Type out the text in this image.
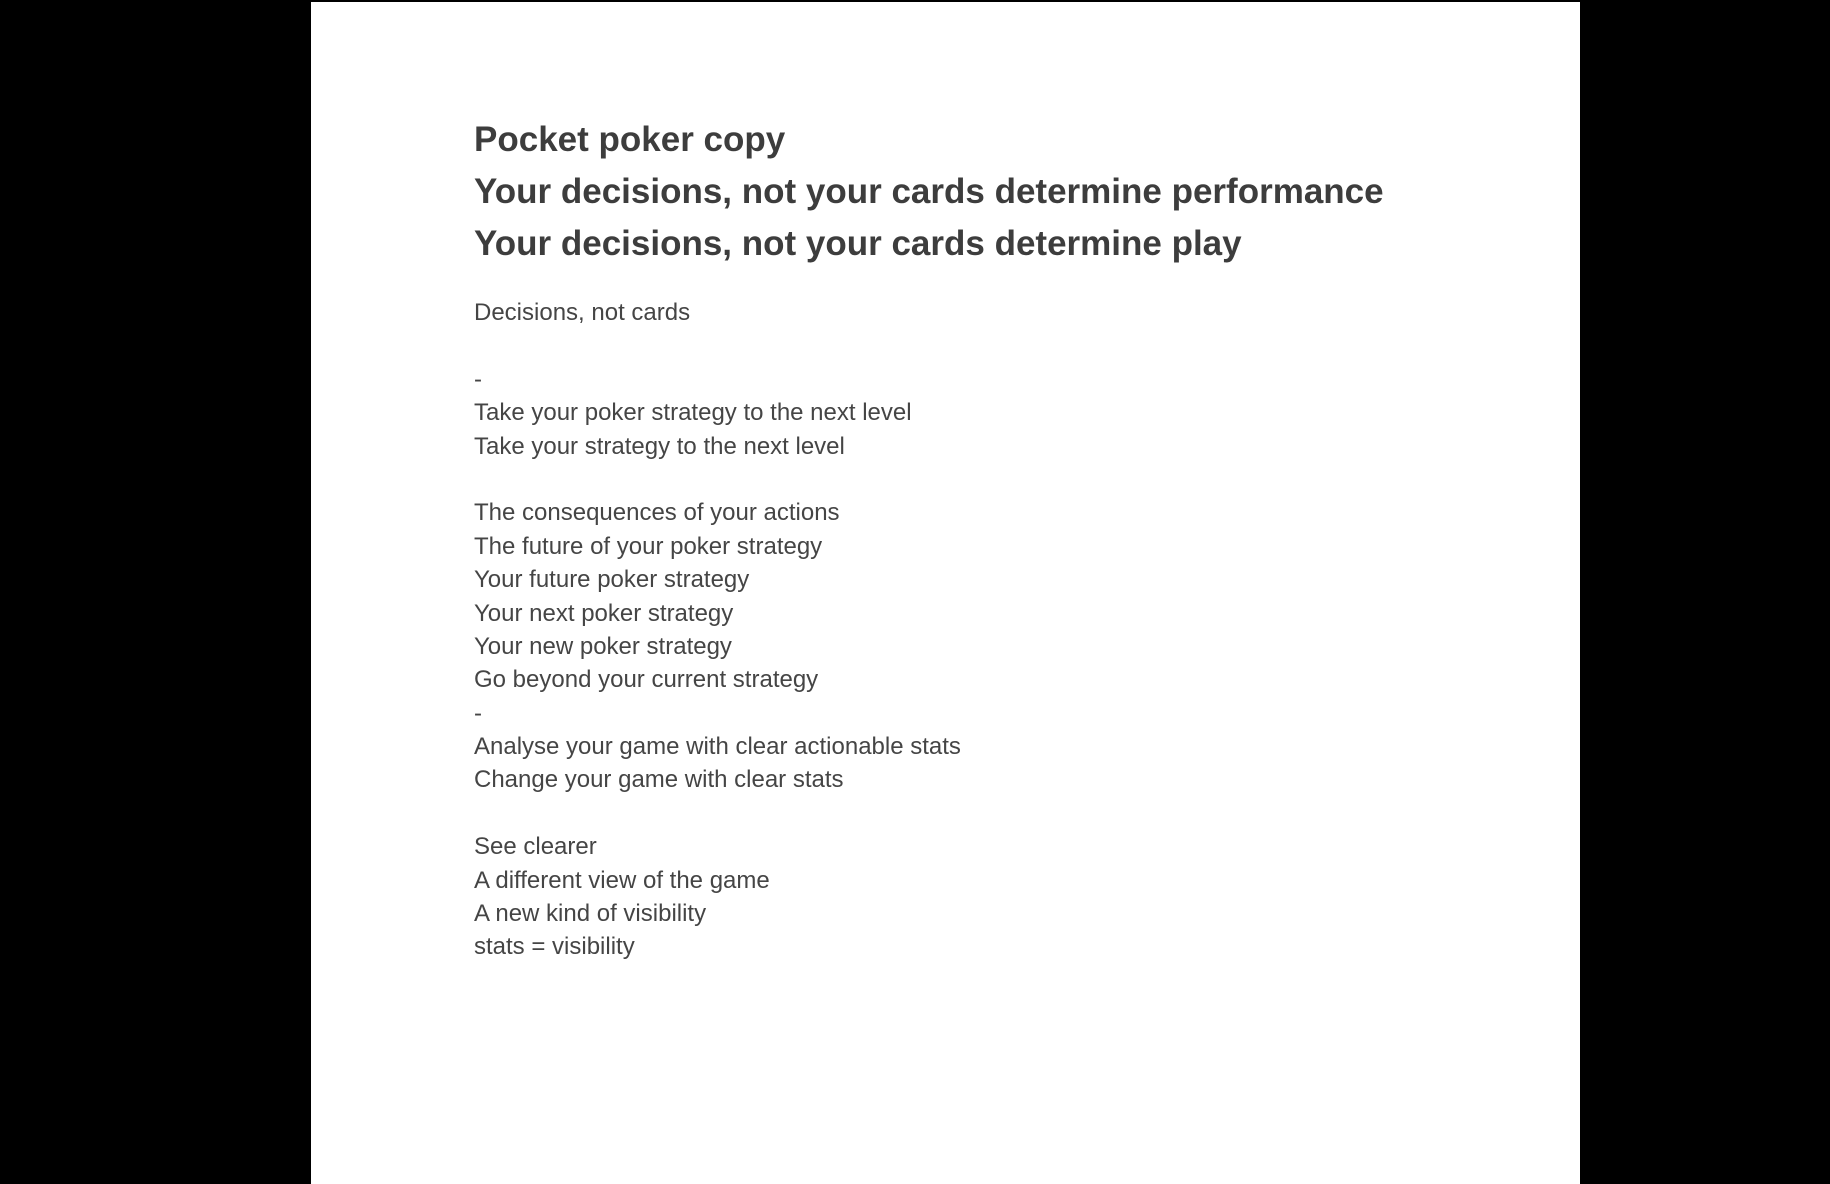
Pocket poker copy
Your decisions, not your cards determine performance
Your decisions, not your cards determine play
Decisions, not cards
-
Take your poker strategy to the next level
Take your strategy to the next level
The consequences of your actions
The future of your poker strategy
Your future poker strategy
Your next poker strategy
Your new poker strategy
Go beyond your current strategy
-
Analyse your game with clear actionable stats
Change your game with clear stats
See clearer
A different view of the game
A new kind of visibility
stats = visibility
